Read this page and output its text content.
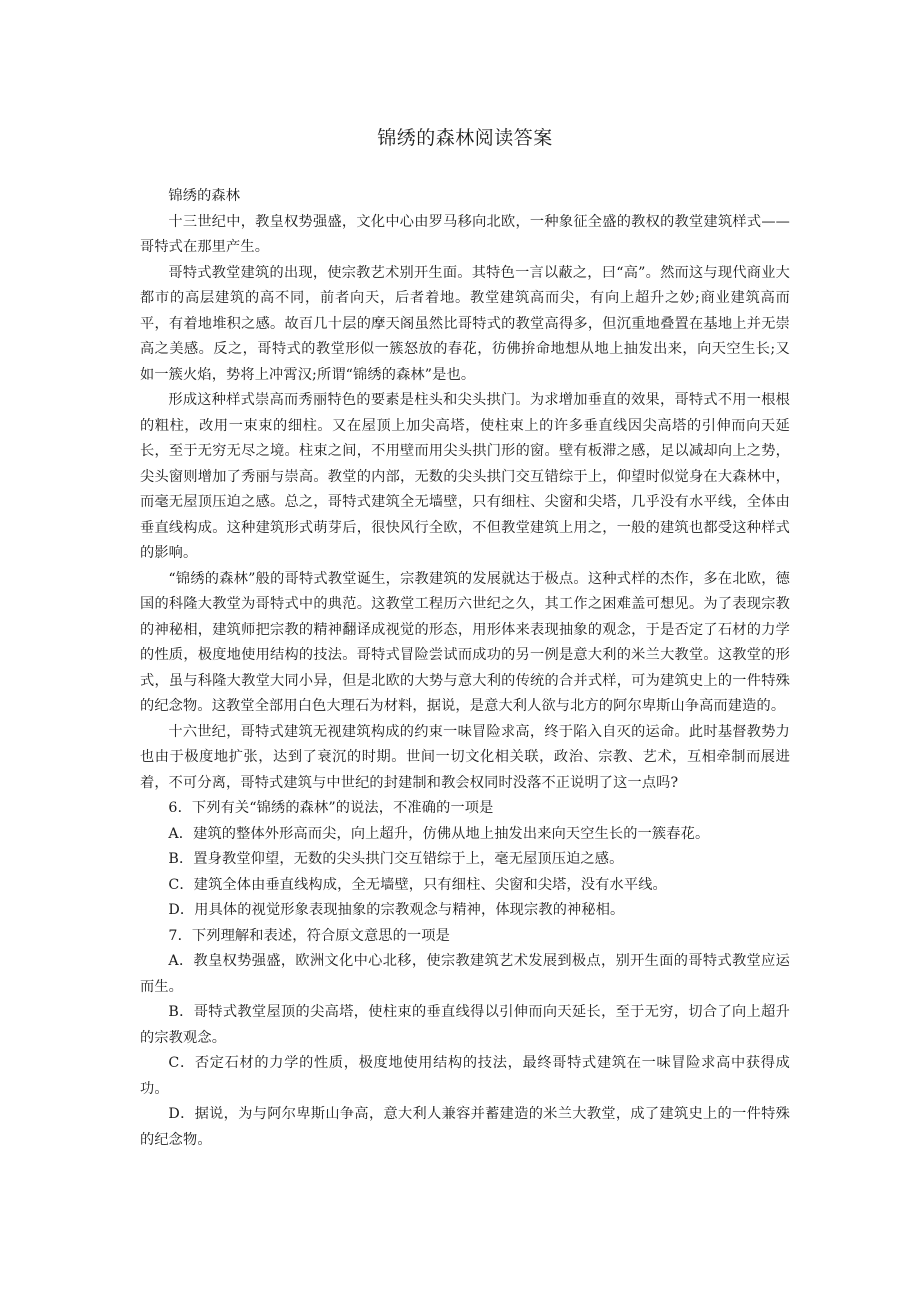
锦绣的森林阅读答案

锦绣的森林

十三世纪中，教皇权势强盛，文化中心由罗马移向北欧，一种象征全盛的教权的教堂建筑样式——哥特式在那里产生。

哥特式教堂建筑的出现，使宗教艺术别开生面。其特色一言以蔽之，曰“高”。然而这与现代商业大都市的高层建筑的高不同，前者向天，后者着地。教堂建筑高而尖，有向上超升之妙;商业建筑高而平，有着地堆积之感。故百几十层的摩天阁虽然比哥特式的教堂高得多，但沉重地叠置在基地上并无崇高之美感。反之，哥特式的教堂形似一簇怒放的春花，彷佛拚命地想从地上抽发出来，向天空生长;又如一簇火焰，势将上冲霄汉;所谓“锦绣的森林”是也。

形成这种样式崇高而秀丽特色的要素是柱头和尖头拱门。为求增加垂直的效果，哥特式不用一根根的粗柱，改用一束束的细柱。又在屋顶上加尖高塔，使柱束上的许多垂直线因尖高塔的引伸而向天延长，至于无穷无尽之境。柱束之间，不用壁而用尖头拱门形的窗。壁有板滞之感，足以减却向上之势，尖头窗则增加了秀丽与崇高。教堂的内部，无数的尖头拱门交互错综于上，仰望时似觉身在大森林中，而毫无屋顶压迫之感。总之，哥特式建筑全无墙壁，只有细柱、尖窗和尖塔，几乎没有水平线，全体由垂直线构成。这种建筑形式萌芽后，很快风行全欧，不但教堂建筑上用之，一般的建筑也都受这种样式的影响。

“锦绣的森林”般的哥特式教堂诞生，宗教建筑的发展就达于极点。这种式样的杰作，多在北欧，德国的科隆大教堂为哥特式中的典范。这教堂工程历六世纪之久，其工作之困难盖可想见。为了表现宗教的神秘相，建筑师把宗教的精神翻译成视觉的形态，用形体来表现抽象的观念，于是否定了石材的力学的性质，极度地使用结构的技法。哥特式冒险尝试而成功的另一例是意大利的米兰大教堂。这教堂的形式，虽与科隆大教堂大同小异，但是北欧的大势与意大利的传统的合并式样，可为建筑史上的一件特殊的纪念物。这教堂全部用白色大理石为材料，据说，是意大利人欲与北方的阿尔卑斯山争高而建造的。

十六世纪，哥特式建筑无视建筑构成的约束一味冒险求高，终于陷入自灭的运命。此时基督教势力也由于极度地扩张，达到了衰沉的时期。世间一切文化相关联，政治、宗教、艺术，互相牵制而展进着，不可分离，哥特式建筑与中世纪的封建制和教会权同时没落不正说明了这一点吗?

6．下列有关“锦绣的森林”的说法，不准确的一项是

A．建筑的整体外形高而尖，向上超升，仿佛从地上抽发出来向天空生长的一簇春花。

B．置身教堂仰望，无数的尖头拱门交互错综于上，毫无屋顶压迫之感。

C．建筑全体由垂直线构成，全无墙壁，只有细柱、尖窗和尖塔，没有水平线。

D．用具体的视觉形象表现抽象的宗教观念与精神，体现宗教的神秘相。

7．下列理解和表述，符合原文意思的一项是

A．教皇权势强盛，欧洲文化中心北移，使宗教建筑艺术发展到极点，别开生面的哥特式教堂应运而生。

B．哥特式教堂屋顶的尖高塔，使柱束的垂直线得以引伸而向天延长，至于无穷，切合了向上超升的宗教观念。

C．否定石材的力学的性质，极度地使用结构的技法，最终哥特式建筑在一味冒险求高中获得成功。

D．据说，为与阿尔卑斯山争高，意大利人兼容并蓄建造的米兰大教堂，成了建筑史上的一件特殊的纪念物。
